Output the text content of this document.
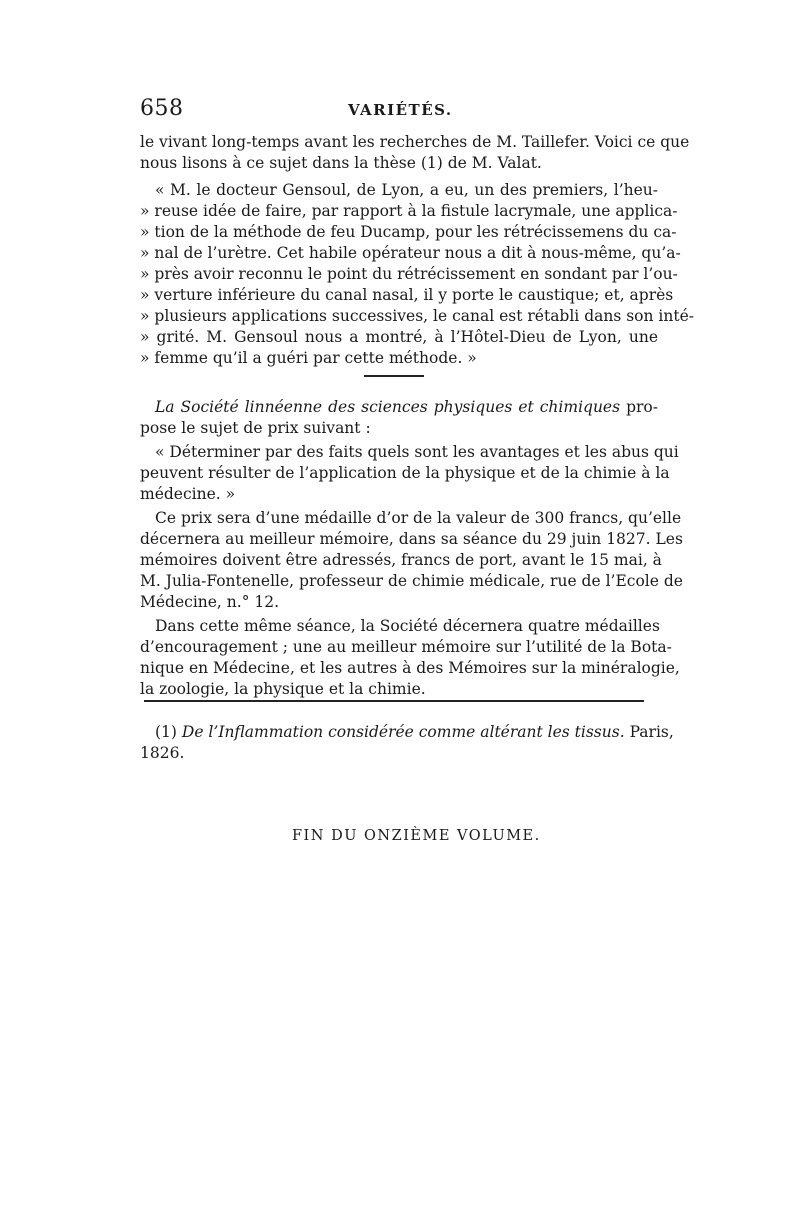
658	VARIÉTÉS.
le vivant long-temps avant les recherches de M. Taillefer. Voici ce que
nous lisons à ce sujet dans la thèse (1) de M. Valat.
« M. le docteur Gensoul, de Lyon, a eu, un des premiers, l’heu-
» reuse idée de faire, par rapport à la fistule lacrymale, une applica-
» tion de la méthode de feu Ducamp, pour les rétrécissemens du ca-
» nal de l’urètre. Cet habile opérateur nous a dit à nous-même, qu’a-
» près avoir reconnu le point du rétrécissement en sondant par l’ou-
» verture inférieure du canal nasal, il y porte le caustique; et, après
» plusieurs applications successives, le canal est rétabli dans son inté-
» grité. M. Gensoul nous a montré, à l’Hôtel-Dieu de Lyon, une
» femme qu’il a guéri par cette méthode. »
La Société linnéenne des sciences physiques et chimiques pro-
pose le sujet de prix suivant :
« Déterminer par des faits quels sont les avantages et les abus qui
peuvent résulter de l’application de la physique et de la chimie à la
médecine. »
Ce prix sera d’une médaille d’or de la valeur de 300 francs, qu’elle
décernera au meilleur mémoire, dans sa séance du 29 juin 1827. Les
mémoires doivent être adressés, francs de port, avant le 15 mai, à
M. Julia-Fontenelle, professeur de chimie médicale, rue de l’Ecole de
Médecine, n.° 12.
Dans cette même séance, la Société décernera quatre médailles
d’encouragement ; une au meilleur mémoire sur l’utilité de la Bota-
nique en Médecine, et les autres à des Mémoires sur la minéralogie,
la zoologie, la physique et la chimie.
(1) De l’Inflammation considérée comme altérant les tissus. Paris,
1826.
FIN DU ONZIÈME VOLUME.
